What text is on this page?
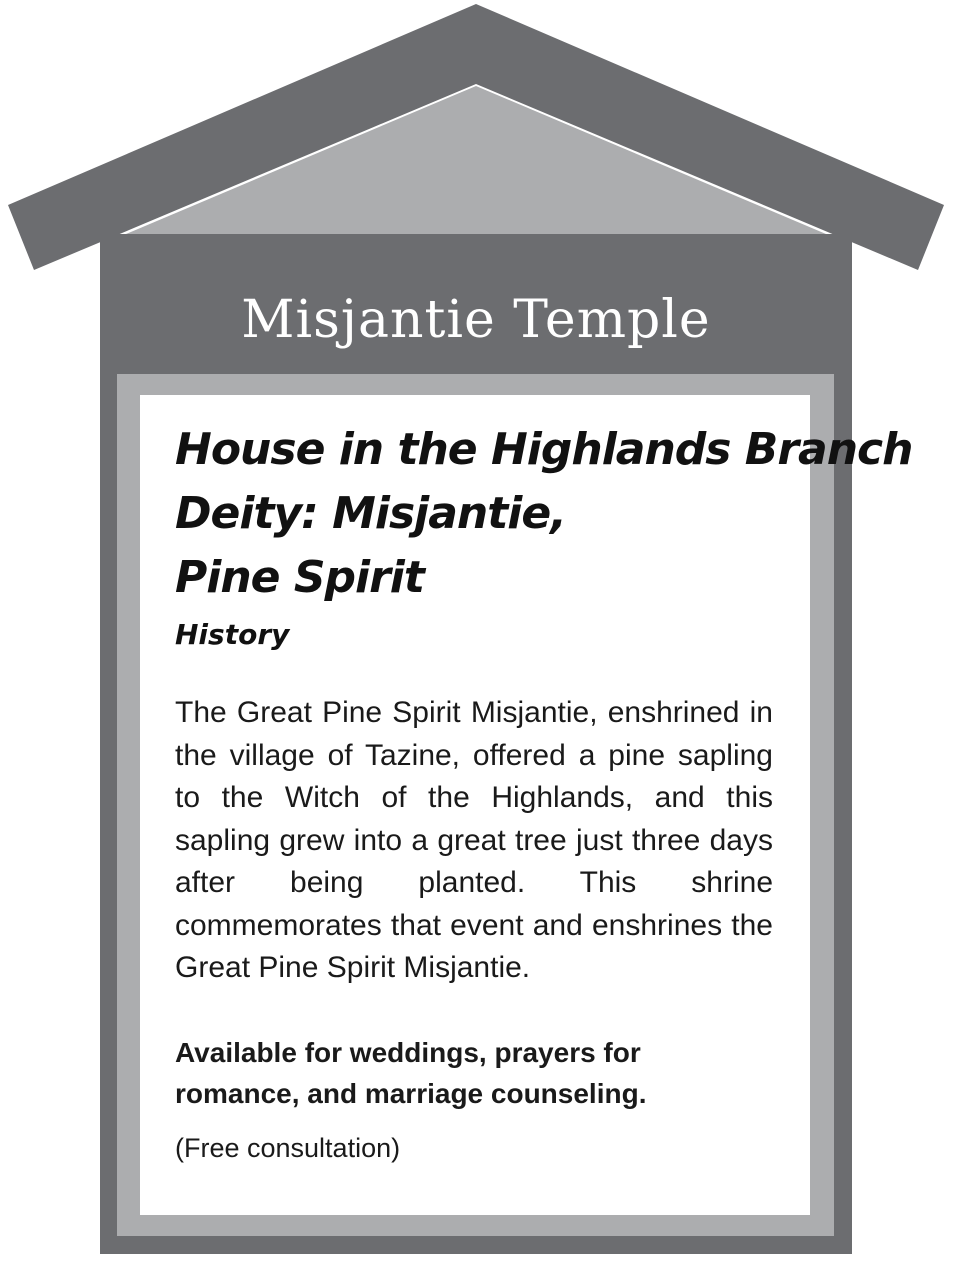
Misjantie Temple
House in the Highlands Branch
Deity: Misjantie,
Pine Spirit
History

The Great Pine Spirit Misjantie, enshrined in the village of Tazine, offered a pine sapling to the Witch of the Highlands, and this sapling grew into a great tree just three days after being planted. This shrine commemorates that event and enshrines the Great Pine Spirit Misjantie.

Available for weddings, prayers for romance, and marriage counseling.

(Free consultation)
